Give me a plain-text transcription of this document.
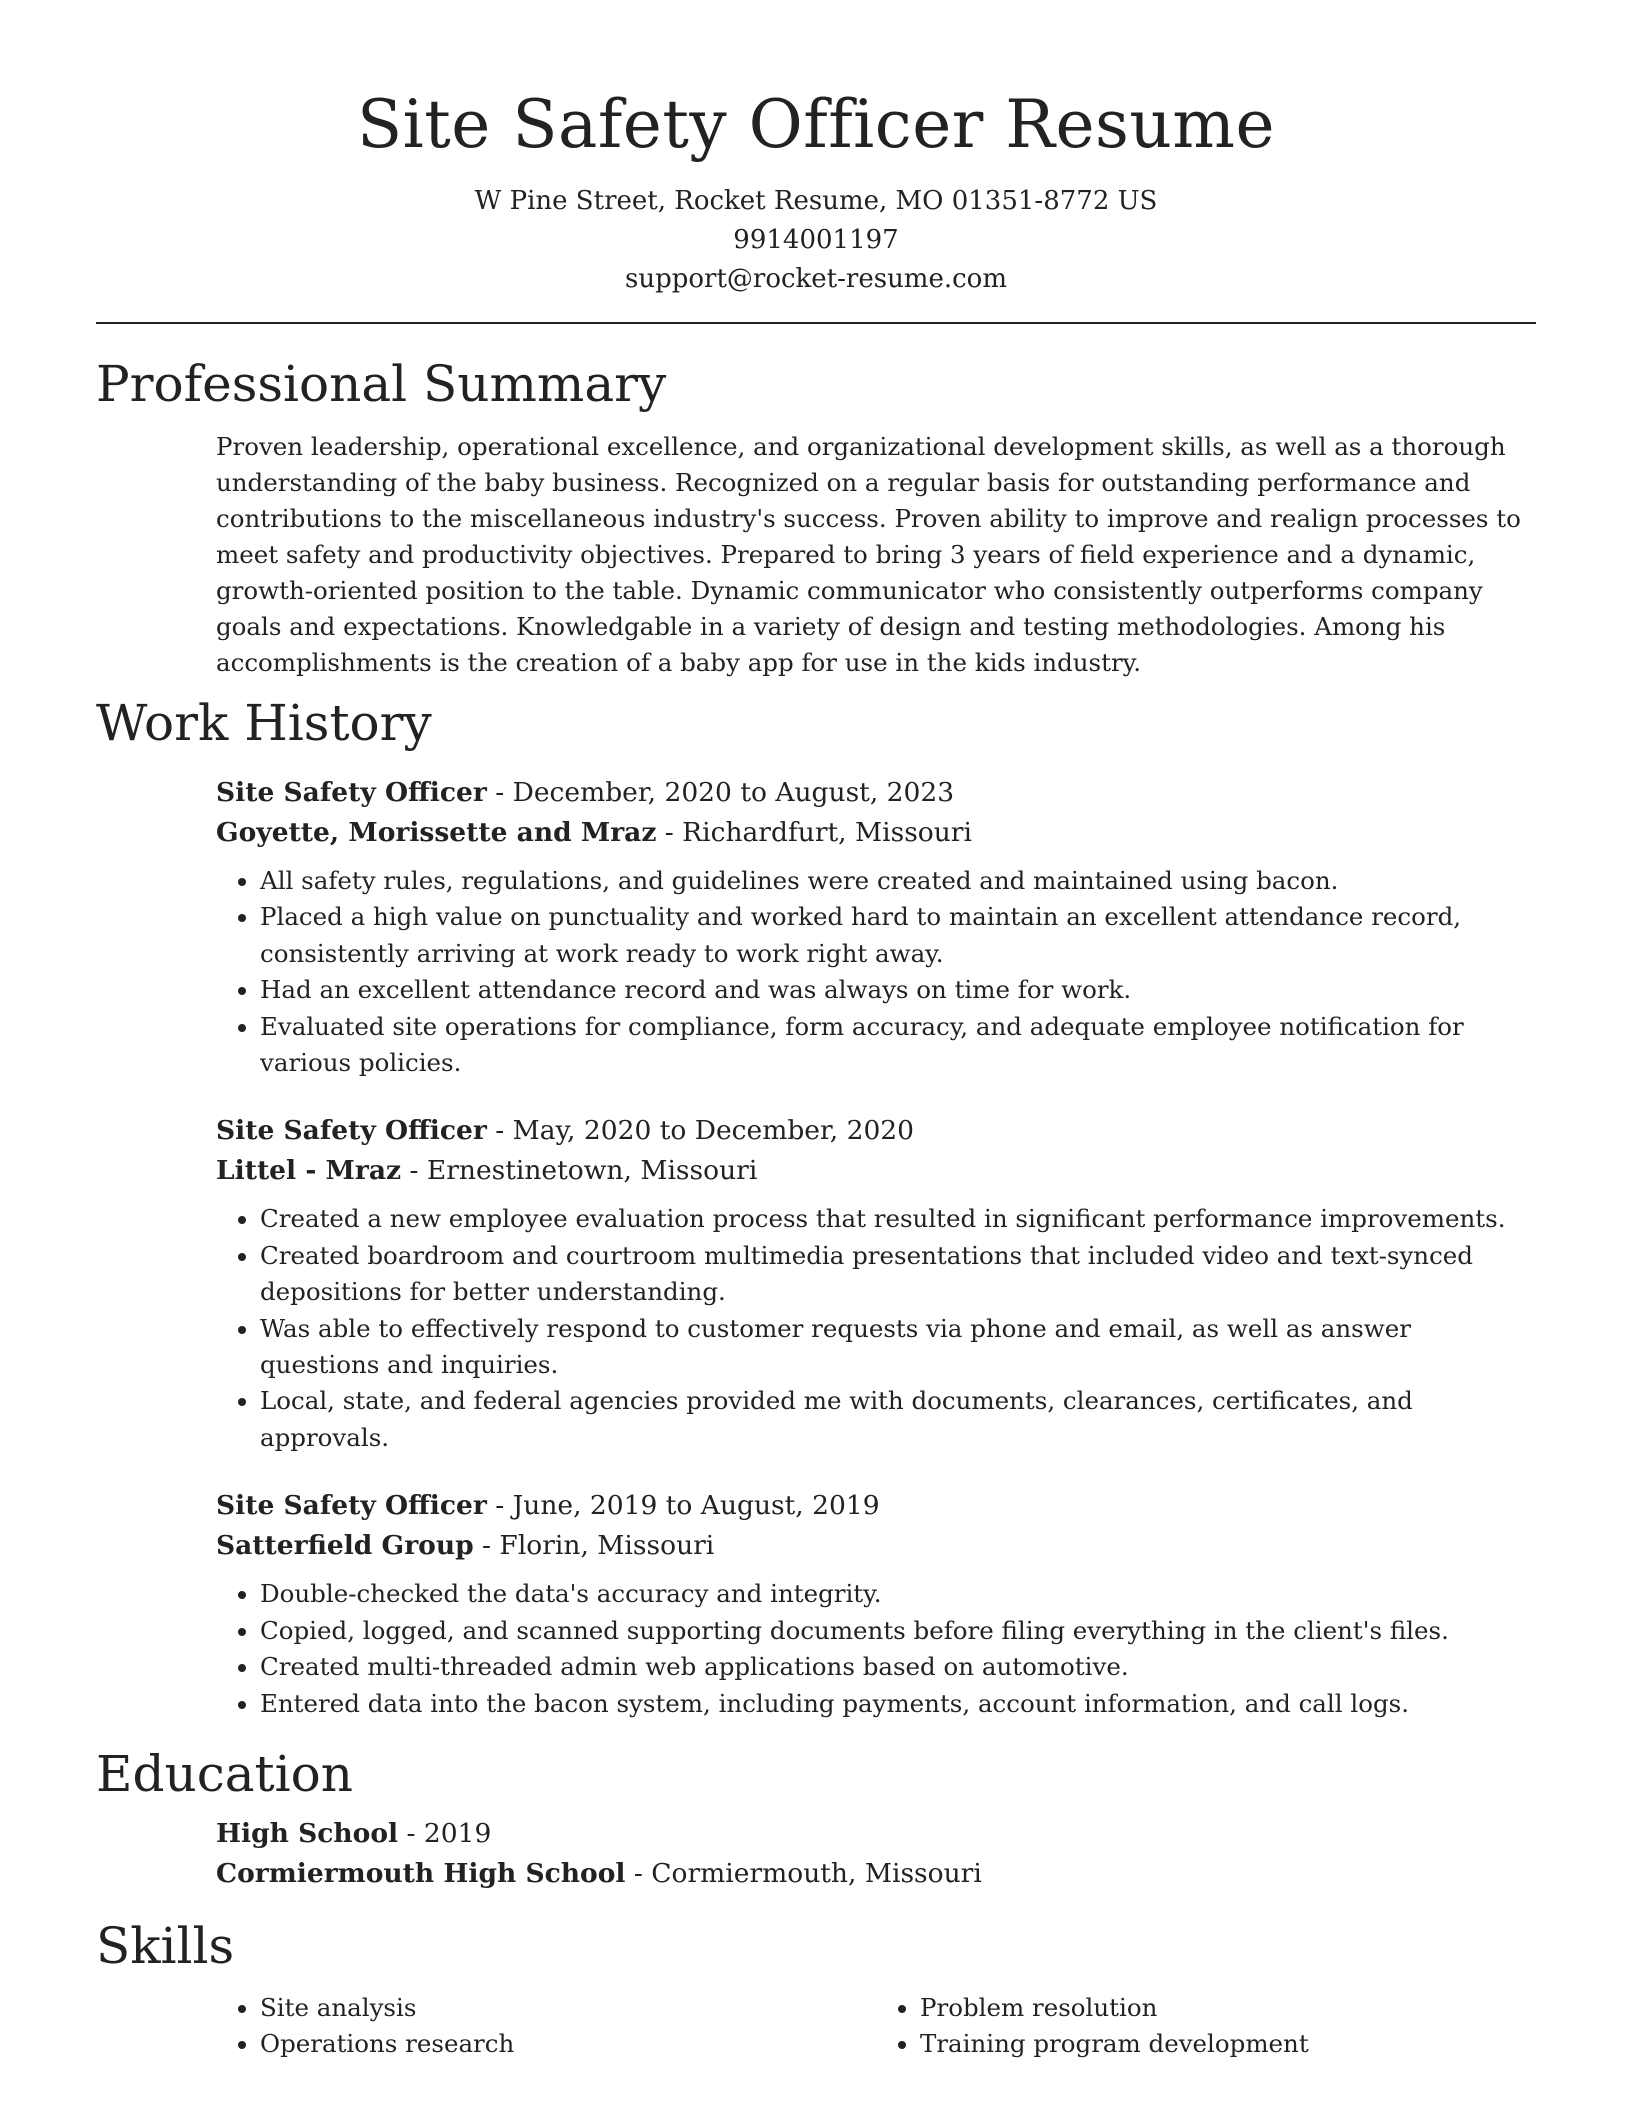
Site Safety Officer Resume
W Pine Street, Rocket Resume, MO 01351-8772 US
9914001197
support@rocket-resume.com
Professional Summary

Proven leadership, operational excellence, and organizational development skills, as well as a thorough understanding of the baby business. Recognized on a regular basis for outstanding performance and contributions to the miscellaneous industry's success. Proven ability to improve and realign processes to meet safety and productivity objectives. Prepared to bring 3 years of field experience and a dynamic, growth-oriented position to the table. Dynamic communicator who consistently outperforms company goals and expectations. Knowledgable in a variety of design and testing methodologies. Among his accomplishments is the creation of a baby app for use in the kids industry.

Work History
Site Safety Officer - December, 2020 to August, 2023
Goyette, Morissette and Mraz - Richardfurt, Missouri
• All safety rules, regulations, and guidelines were created and maintained using bacon.
• Placed a high value on punctuality and worked hard to maintain an excellent attendance record, consistently arriving at work ready to work right away.
• Had an excellent attendance record and was always on time for work.
• Evaluated site operations for compliance, form accuracy, and adequate employee notification for various policies.
Site Safety Officer - May, 2020 to December, 2020
Littel - Mraz - Ernestinetown, Missouri
• Created a new employee evaluation process that resulted in significant performance improvements.
• Created boardroom and courtroom multimedia presentations that included video and text-synced depositions for better understanding.
• Was able to effectively respond to customer requests via phone and email, as well as answer questions and inquiries.
• Local, state, and federal agencies provided me with documents, clearances, certificates, and approvals.
Site Safety Officer - June, 2019 to August, 2019
Satterfield Group - Florin, Missouri
• Double-checked the data's accuracy and integrity.
• Copied, logged, and scanned supporting documents before filing everything in the client's files.
• Created multi-threaded admin web applications based on automotive.
• Entered data into the bacon system, including payments, account information, and call logs.
Education
High School - 2019
Cormiermouth High School - Cormiermouth, Missouri
Skills
• Site analysis
• Operations research
• Problem resolution
• Training program development
